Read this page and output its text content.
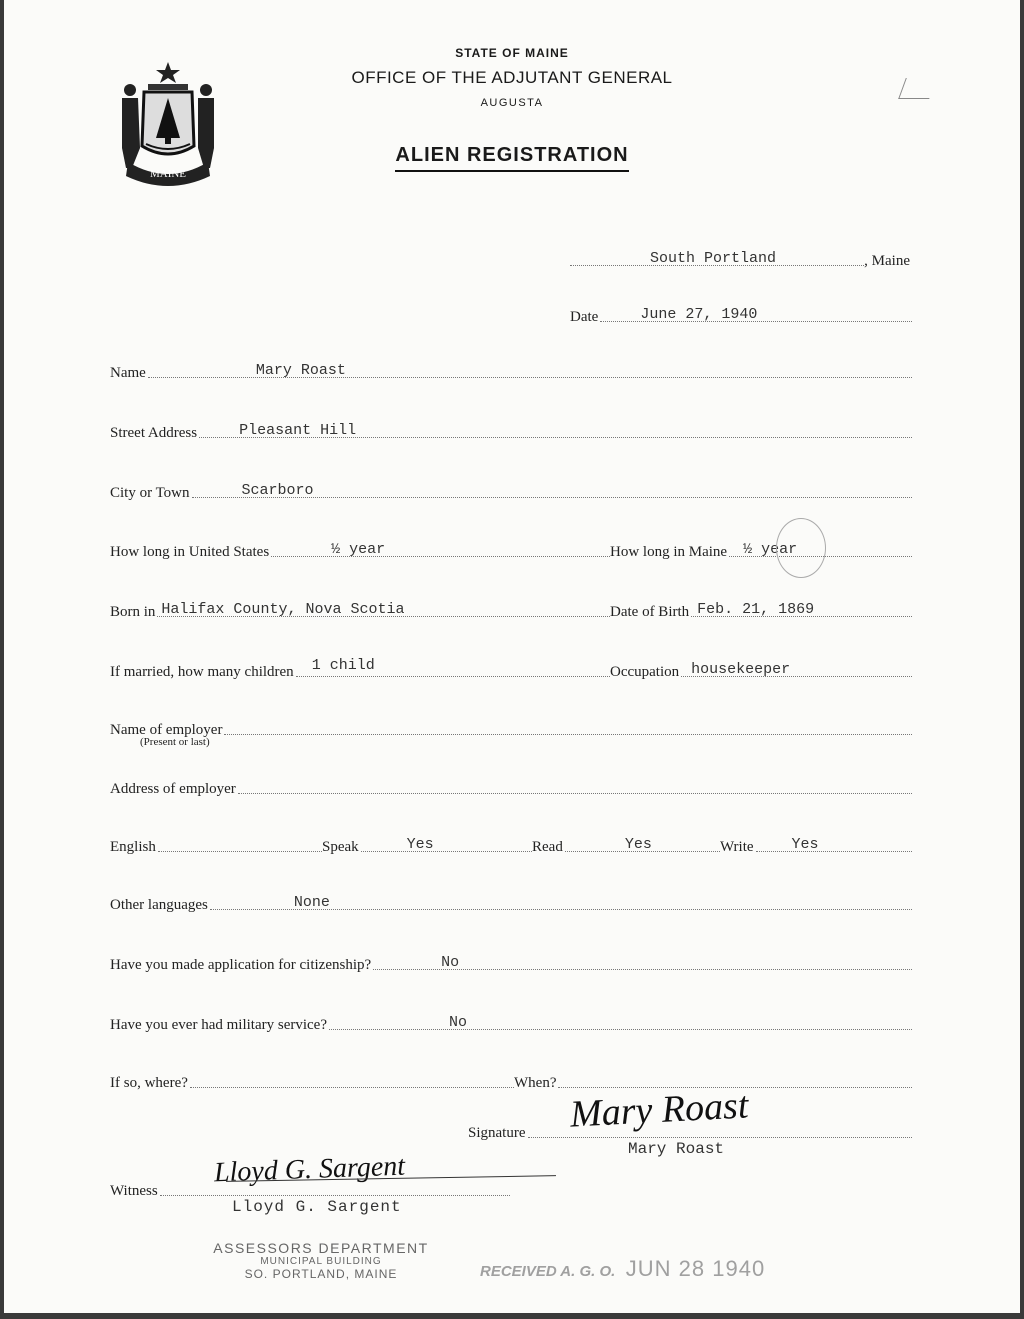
MAINE
STATE OF MAINE
OFFICE OF THE ADJUTANT GENERAL
AUGUSTA
ALIEN REGISTRATION
South Portland	, Maine
Date	June 27, 1940
Name	Mary Roast
Street Address	Pleasant Hill
City or Town	Scarboro
How long in United States	½ year	How long in Maine ½ year
Born in Halifax County, Nova Scotia	Date of Birth Feb. 21, 1869
If married, how many children 1 child	Occupation housekeeper
Name of employer
(Present or last)
Address of employer
English	Speak	Yes	Read	Yes	Write	Yes
Other languages	None
Have you made application for citizenship?	No
Have you ever had military service?	No
If so, where?	When?
Signature Mary Roast
Mary Roast
Witness
Lloyd G. Sargent
Lloyd G. Sargent
ASSESSORS DEPARTMENT
MUNICIPAL BUILDING
SO. PORTLAND, MAINE	RECEIVED A. G. O. JUN 28 1940
